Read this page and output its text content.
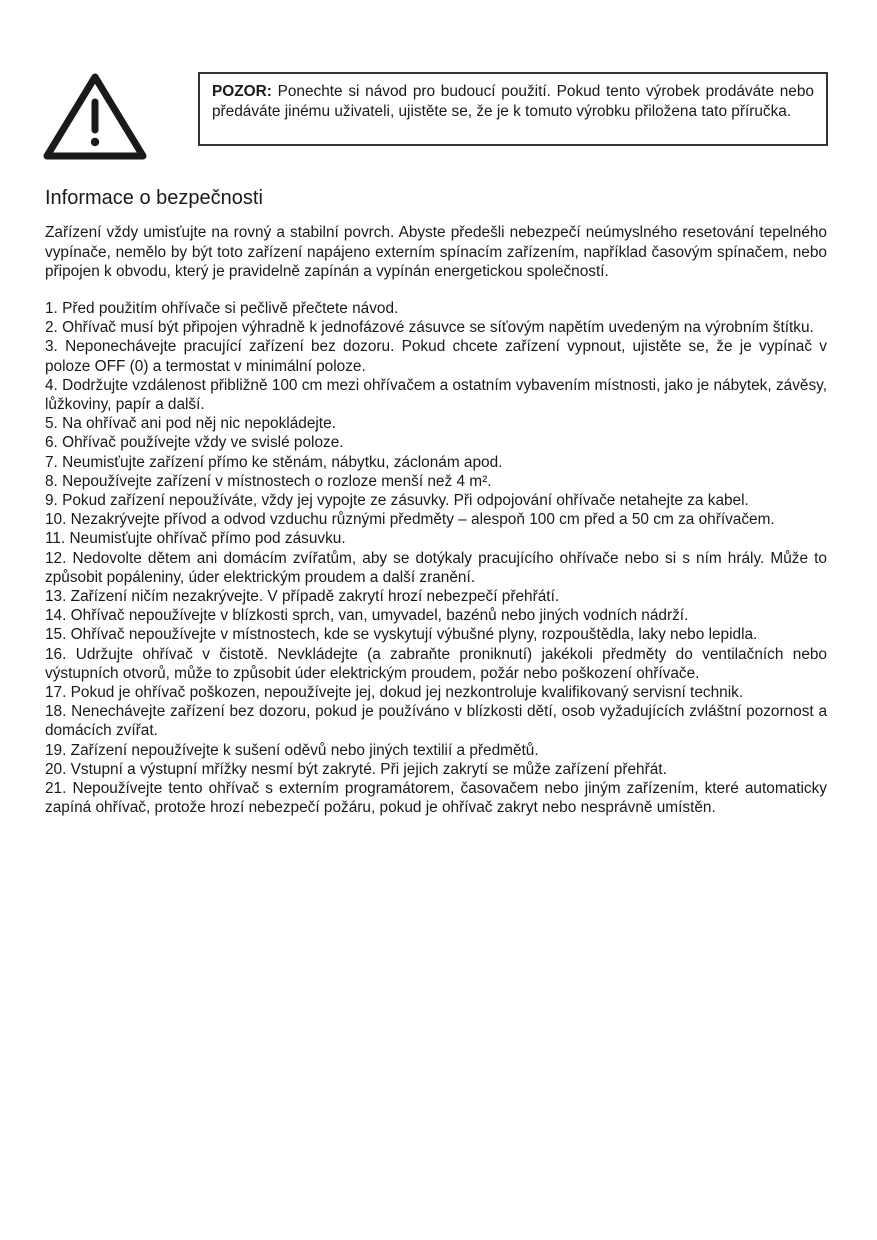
POZOR: Ponechte si návod pro budoucí použití. Pokud tento výrobek prodáváte nebo předáváte jinému uživateli, ujistěte se, že je k tomuto výrobku přiložena tato příručka.
Informace o bezpečnosti

Zařízení vždy umisťujte na rovný a stabilní povrch. Abyste předešli nebezpečí neúmyslného resetování tepelného vypínače, nemělo by být toto zařízení napájeno externím spínacím zařízením, například časovým spínačem, nebo připojen k obvodu, který je pravidelně zapínán a vypínán energetickou společností.

1. Před použitím ohřívače si pečlivě přečtete návod.
2. Ohřívač musí být připojen výhradně k jednofázové zásuvce se síťovým napětím uvedeným na výrobním štítku.
3. Neponechávejte pracující zařízení bez dozoru. Pokud chcete zařízení vypnout, ujistěte se, že je vypínač v poloze OFF (0) a termostat v minimální poloze.
4. Dodržujte vzdálenost přibližně 100 cm mezi ohřívačem a ostatním vybavením místnosti, jako je nábytek, závěsy, lůžkoviny, papír a další.
5. Na ohřívač ani pod něj nic nepokládejte.
6. Ohřívač používejte vždy ve svislé poloze.
7. Neumisťujte zařízení přímo ke stěnám, nábytku, záclonám apod.
8. Nepoužívejte zařízení v místnostech o rozloze menší než 4 m².
9. Pokud zařízení nepoužíváte, vždy jej vypojte ze zásuvky. Při odpojování ohřívače netahejte za kabel.
10. Nezakrývejte přívod a odvod vzduchu různými předměty – alespoň 100 cm před a 50 cm za ohřívačem.
11. Neumisťujte ohřívač přímo pod zásuvku.
12. Nedovolte dětem ani domácím zvířatům, aby se dotýkaly pracujícího ohřívače nebo si s ním hrály. Může to způsobit popáleniny, úder elektrickým proudem a další zranění.
13. Zařízení ničím nezakrývejte. V případě zakrytí hrozí nebezpečí přehřátí.
14. Ohřívač nepoužívejte v blízkosti sprch, van, umyvadel, bazénů nebo jiných vodních nádrží.
15. Ohřívač nepoužívejte v místnostech, kde se vyskytují výbušné plyny, rozpouštědla, laky nebo lepidla.
16. Udržujte ohřívač v čistotě. Nevkládejte (a zabraňte proniknutí) jakékoli předměty do ventilačních nebo výstupních otvorů, může to způsobit úder elektrickým proudem, požár nebo poškození ohřívače.
17. Pokud je ohřívač poškozen, nepoužívejte jej, dokud jej nezkontroluje kvalifikovaný servisní technik.
18. Nenechávejte zařízení bez dozoru, pokud je používáno v blízkosti dětí, osob vyžadujících zvláštní pozornost a domácích zvířat.
19. Zařízení nepoužívejte k sušení oděvů nebo jiných textilií a předmětů.
20. Vstupní a výstupní mřížky nesmí být zakryté. Při jejich zakrytí se může zařízení přehřát.
21. Nepoužívejte tento ohřívač s externím programátorem, časovačem nebo jiným zařízením, které automaticky zapíná ohřívač, protože hrozí nebezpečí požáru, pokud je ohřívač zakryt nebo nesprávně umístěn.
